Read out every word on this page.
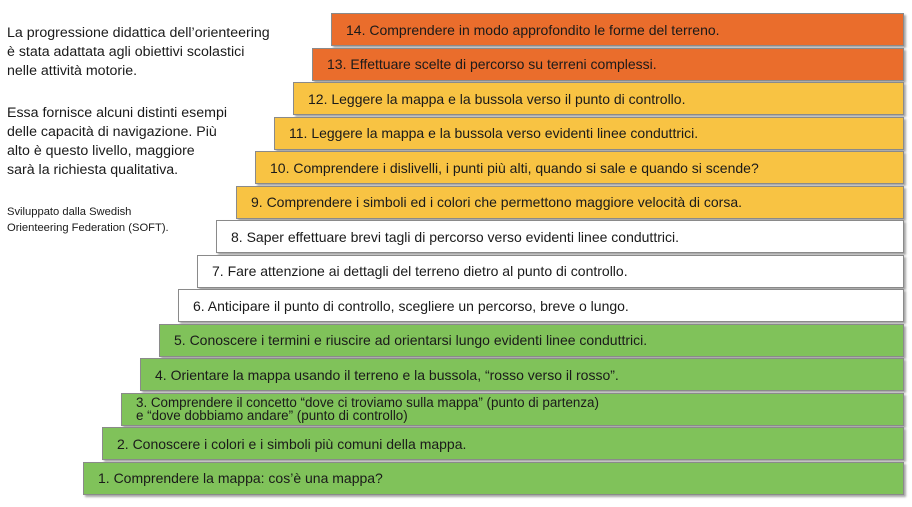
La progressione didattica dell’orienteering
è stata adattata agli obiettivi scolastici
nelle attività motorie.

Essa fornisce alcuni distinti esempi
delle capacità di navigazione. Più
alto è questo livello, maggiore
sarà la richiesta qualitativa.

Sviluppato dalla Swedish
Orienteering Federation (SOFT).

14. Comprendere in modo approfondito le forme del terreno.
13. Effettuare scelte di percorso su terreni complessi.
12. Leggere la mappa e la bussola verso il punto di controllo.
11. Leggere la mappa e la bussola verso evidenti linee conduttrici.
10. Comprendere i dislivelli, i punti più alti, quando si sale e quando si scende?
9. Comprendere i simboli ed i colori che permettono maggiore velocità di corsa.
8. Saper effettuare brevi tagli di percorso verso evidenti linee conduttrici.
7. Fare attenzione ai dettagli del terreno dietro al punto di controllo.
6. Anticipare il punto di controllo, scegliere un percorso, breve o lungo.
5. Conoscere i termini e riuscire ad orientarsi lungo evidenti linee conduttrici.
4. Orientare la mappa usando il terreno e la bussola, “rosso verso il rosso”.
3. Comprendere il concetto “dove ci troviamo sulla mappa” (punto di partenza)
e “dove dobbiamo andare” (punto di controllo)
2. Conoscere i colori e i simboli più comuni della mappa.
1. Comprendere la mappa: cos’è una mappa?
